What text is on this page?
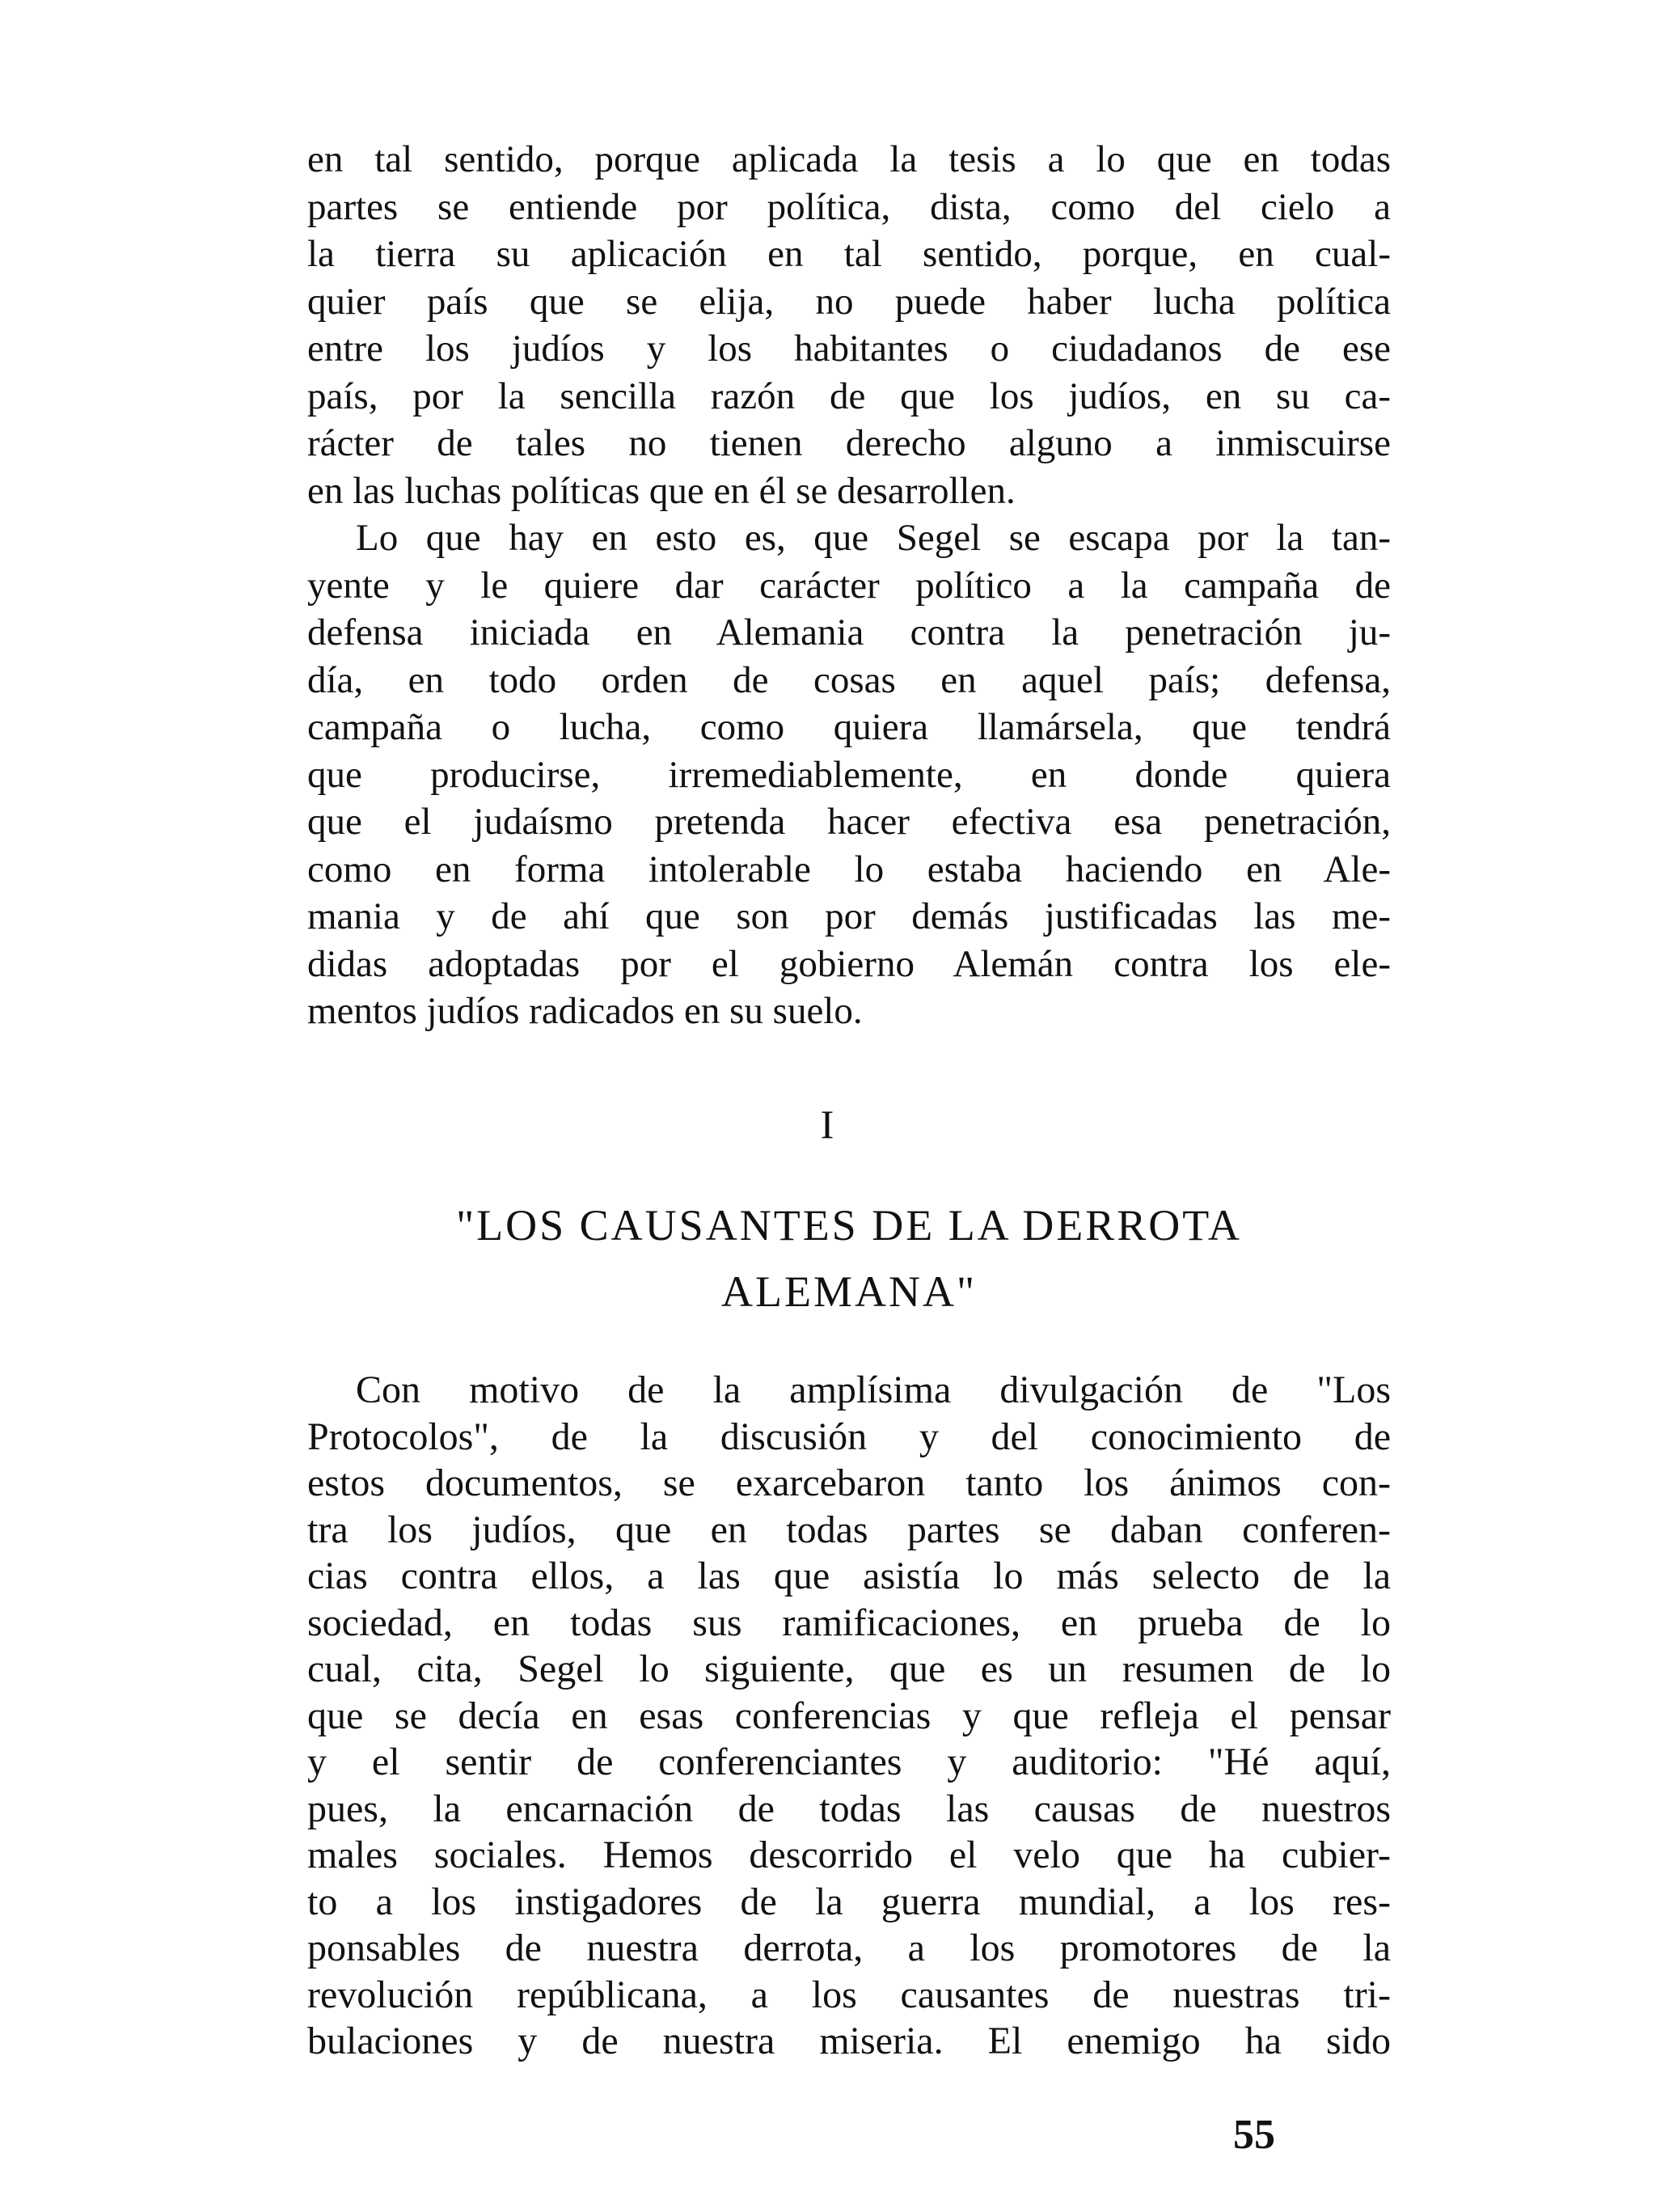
en tal sentido, porque aplicada la tesis a lo que en todas
partes se entiende por política, dista, como del cielo a
la tierra su aplicación en tal sentido, porque, en cual-
quier país que se elija, no puede haber lucha política
entre los judíos y los habitantes o ciudadanos de ese
país, por la sencilla razón de que los judíos, en su ca-
rácter de tales no tienen derecho alguno a inmiscuirse
en las luchas políticas que en él se desarrollen.
Lo que hay en esto es, que Segel se escapa por la tan-
yente y le quiere dar carácter político a la campaña de
defensa iniciada en Alemania contra la penetración ju-
día, en todo orden de cosas en aquel país; defensa,
campaña o lucha, como quiera llamársela, que tendrá
que producirse, irremediablemente, en donde quiera
que el judaísmo pretenda hacer efectiva esa penetración,
como en forma intolerable lo estaba haciendo en Ale-
mania y de ahí que son por demás justificadas las me-
didas adoptadas por el gobierno Alemán contra los ele-
mentos judíos radicados en su suelo.
I
"LOS CAUSANTES DE LA DERROTA
ALEMANA"
Con motivo de la amplísima divulgación de "Los
Protocolos", de la discusión y del conocimiento de
estos documentos, se exarcebaron tanto los ánimos con-
tra los judíos, que en todas partes se daban conferen-
cias contra ellos, a las que asistía lo más selecto de la
sociedad, en todas sus ramificaciones, en prueba de lo
cual, cita, Segel lo siguiente, que es un resumen de lo
que se decía en esas conferencias y que refleja el pensar
y el sentir de conferenciantes y auditorio: "Hé aquí,
pues, la encarnación de todas las causas de nuestros
males sociales. Hemos descorrido el velo que ha cubier-
to a los instigadores de la guerra mundial, a los res-
ponsables de nuestra derrota, a los promotores de la
revolución repúblicana, a los causantes de nuestras tri-
bulaciones y de nuestra miseria. El enemigo ha sido
55
